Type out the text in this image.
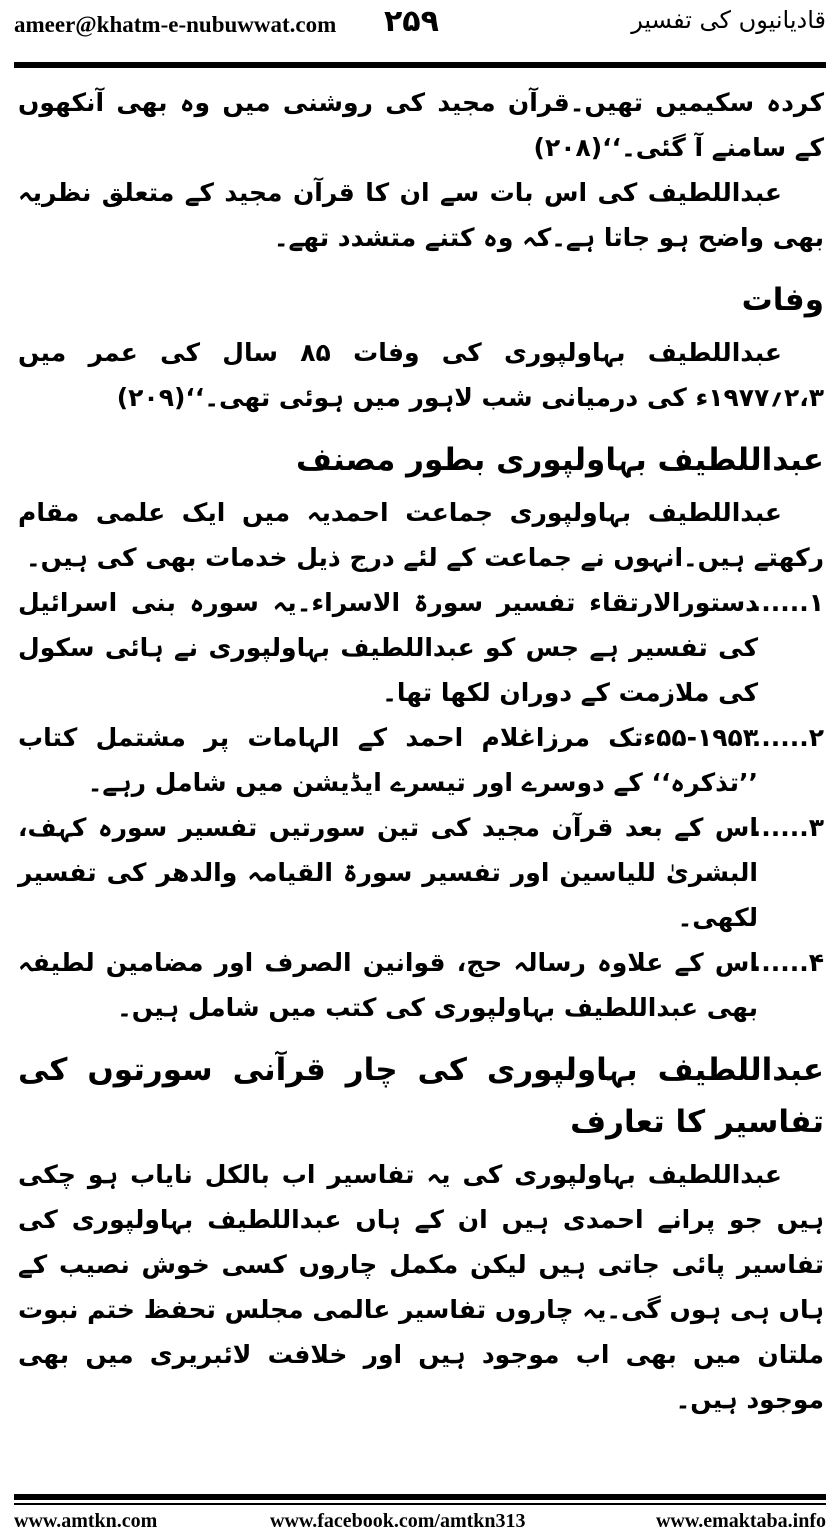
ameer@khatm-e-nubuwwat.com ۲۵۹	قادیانیوں کی تفسیر

کردہ سکیمیں تھیں۔قرآن مجید کی روشنی میں وہ بھی آنکھوں کے سامنے آ گئی۔‘‘(۲۰۸)

عبداللطیف کی اس بات سے ان کا قرآن مجید کے متعلق نظریہ بھی واضح ہو جاتا ہے۔کہ وہ کتنے متشدد تھے۔

وفات

عبداللطیف بہاولپوری کی وفات ۸۵ سال کی عمر میں ۲،۳؍۱۹۷۷ء کی درمیانی شب لاہور میں ہوئی تھی۔‘‘(۲۰۹)

عبداللطیف بہاولپوری بطور مصنف

عبداللطیف بہاولپوری جماعت احمدیہ میں ایک علمی مقام رکھتے ہیں۔انہوں نے جماعت کے لئے درج ذیل خدمات بھی کی ہیں۔

۱......
دستورالارتقاء تفسیر سورۃ الاسراء۔یہ سورہ بنی اسرائیل کی تفسیر ہے جس کو عبداللطیف بہاولپوری نے ہائی سکول کی ملازمت کے دوران لکھا تھا۔
۲......
۵۵-۱۹۵۳ءتک مرزاغلام احمد کے الہامات پر مشتمل کتاب ’’تذکرہ‘‘ کے دوسرے اور تیسرے ایڈیشن میں شامل رہے۔
۳......
اس کے بعد قرآن مجید کی تین سورتیں تفسیر سورہ کہف، البشریٰ للیاسین اور تفسیر سورۃ القیامہ والدھر کی تفسیر لکھی۔
۴......
اس کے علاوہ رسالہ حج، قوانین الصرف اور مضامین لطیفہ بھی عبداللطیف بہاولپوری کی کتب میں شامل ہیں۔
عبداللطیف بہاولپوری کی چار قرآنی سورتوں کی تفاسیر کا تعارف

عبداللطیف بہاولپوری کی یہ تفاسیر اب بالکل نایاب ہو چکی ہیں جو پرانے احمدی ہیں ان کے ہاں عبداللطیف بہاولپوری کی تفاسیر پائی جاتی ہیں لیکن مکمل چاروں کسی خوش نصیب کے ہاں ہی ہوں گی۔یہ چاروں تفاسیر عالمی مجلس تحفظ ختم نبوت ملتان میں بھی اب موجود ہیں اور خلافت لائبریری میں بھی موجود ہیں۔

www.amtkn.com	www.facebook.com/amtkn313	www.emaktaba.info
